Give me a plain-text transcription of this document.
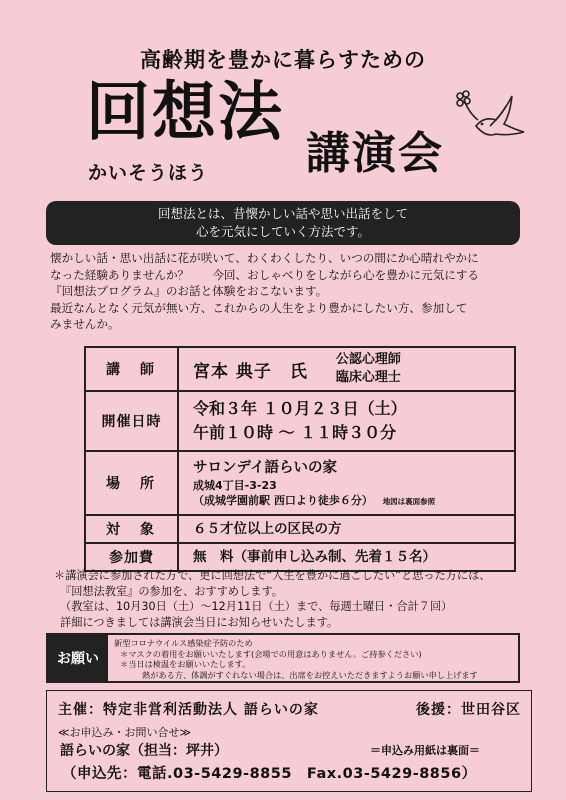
高齢期を豊かに暮らすための
回想法
かいそうほう 講演会
回想法とは、昔懐かしい話や思い出話をして
心を元気にしていく方法です。
懐かしい話・思い出話に花が咲いて、わくわくしたり、いつの間にか心晴れやかに
なった経験ありませんか？　　今回、おしゃべりをしながら心を豊かに元気にする
『回想法プログラム』のお話と体験をおこないます。
最近なんとなく元気が無い方、これからの人生をより豊かにしたい方、参加して
みませんか。
講　師	宮本 典子　氏
公認心理師
臨床心理士

開催日時	令和３年 １０月２３日（土）
午前１０時 ～ １１時３０分

場　所	サロンデイ語らいの家
成城4丁目-3-23
（成城学園前駅 西口より徒歩６分） 地図は裏面参照

対　象	６５才位以上の区民の方
参加費	無　料（事前申し込み制、先着１５名）
＊講演会に参加された方で、更に回想法で“人生を豊かに過ごしたい”と思った方には、
『回想法教室』の参加を、おすすめします。
（教室は、10月30日（土）～12月11日（土）まで、毎週土曜日・合計７回）
詳細につきましては講演会当日にお知らせいたします。
お願い
新型コロナウイルス感染症予防のため
＊マスクの着用をお願いいたします(会場での用意はありません。ご持参ください)
＊当日は検温をお願いいたします。
熱がある方、体調がすぐれない場合は、出席をお控えいただきますようお願い申し上げます
主催：特定非営利活動法人 語らいの家	後援：世田谷区
≪お申込み・お問い合せ≫
語らいの家（担当：坪井）	＝申込み用紙は裏面＝
（申込先：電話.03-5429-8855　Fax.03-5429-8856）
